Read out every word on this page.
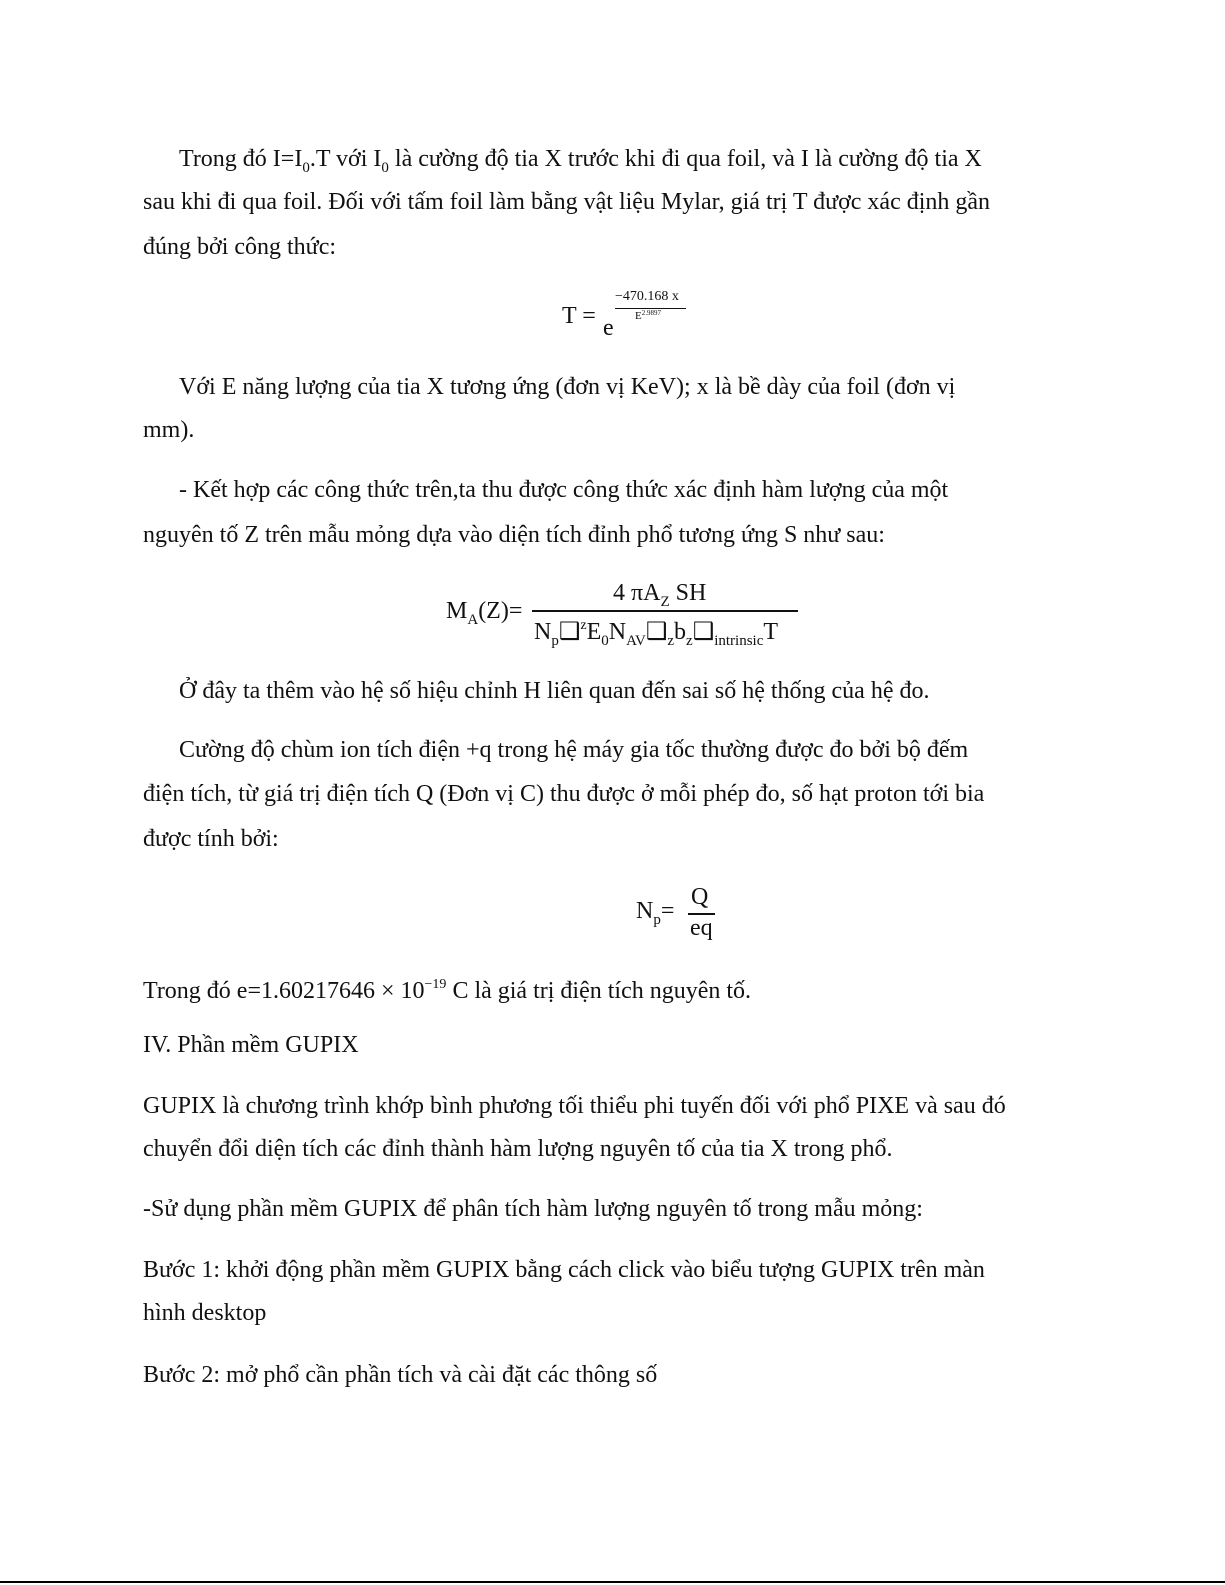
Trong đó $I=I_0.T$ với $I_0$ là cường độ tia X trước khi đi qua foil, và I là cường độ tia X
sau khi đi qua foil. Đối với tấm foil làm bằng vật liệu Mylar, giá trị T được xác định gần
đúng bởi công thức:
T = e
−470.168 x
$E^{2.9897}$
Với E năng lượng của tia X tương ứng (đơn vị KeV); x là bề dày của foil (đơn vị
mm).
- Kết hợp các công thức trên,ta thu được công thức xác định hàm lượng của một
nguyên tố Z trên mẫu mỏng dựa vào diện tích đỉnh phổ tương ứng S như sau:
$M_A(Z)=$
4 $\pi A_Z$ SH
$N_p❑^zE_0N_{AV}❑_zb_z❑_{intrinsic}T$
Ở đây ta thêm vào hệ số hiệu chỉnh H liên quan đến sai số hệ thống của hệ đo.
Cường độ chùm ion tích điện +q trong hệ máy gia tốc thường được đo bởi bộ đếm
điện tích, từ giá trị điện tích Q (Đơn vị C) thu được ở mỗi phép đo, số hạt proton tới bia
được tính bởi:
$N_p=$
Q
eq
Trong đó $e=1.60217646 \times 10^{-19}$ C là giá trị điện tích nguyên tố.
IV. Phần mềm GUPIX
GUPIX là chương trình khớp bình phương tối thiểu phi tuyến đối với phổ PIXE và sau đó
chuyển đổi diện tích các đỉnh thành hàm lượng nguyên tố của tia X trong phổ.
-Sử dụng phần mềm GUPIX để phân tích hàm lượng nguyên tố trong mẫu mỏng:
Bước 1: khởi động phần mềm GUPIX bằng cách click vào biểu tượng GUPIX trên màn
hình desktop
Bước 2: mở phổ cần phần tích và cài đặt các thông số
